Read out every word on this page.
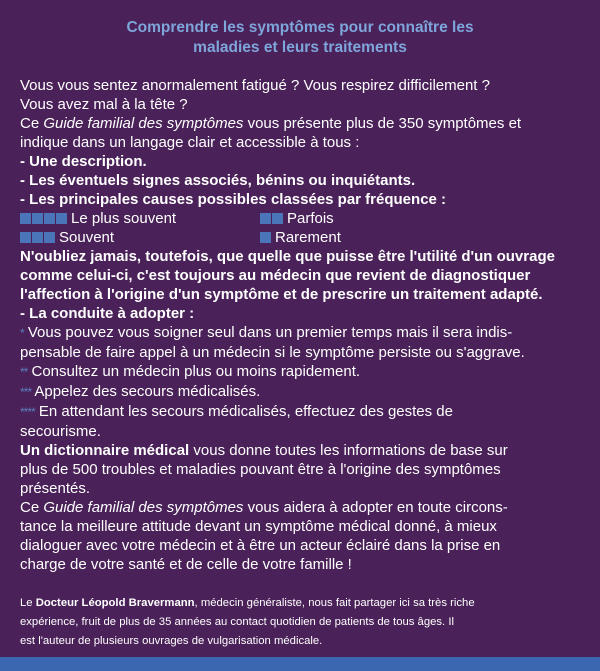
Comprendre les symptômes pour connaître les
maladies et leurs traitements

Vous vous sentez anormalement fatigué ? Vous respirez difficilement ?

Vous avez mal à la tête ?

Ce Guide familial des symptômes vous présente plus de 350 symptômes et

indique dans un langage clair et accessible à tous :

- Une description.

- Les éventuels signes associés, bénins ou inquiétants.

- Les principales causes possibles classées par fréquence :

Le plus souvent	Parfois
Souvent	Rarement

N'oubliez jamais, toutefois, que quelle que puisse être l'utilité d'un ouvrage

comme celui-ci, c'est toujours au médecin que revient de diagnostiquer

l'affection à l'origine d'un symptôme et de prescrire un traitement adapté.

- La conduite à adopter :

* Vous pouvez vous soigner seul dans un premier temps mais il sera indis-

pensable de faire appel à un médecin si le symptôme persiste ou s'aggrave.

** Consultez un médecin plus ou moins rapidement.

*** Appelez des secours médicalisés.

**** En attendant les secours médicalisés, effectuez des gestes de

secourisme.

Un dictionnaire médical vous donne toutes les informations de base sur

plus de 500 troubles et maladies pouvant être à l'origine des symptômes

présentés.

Ce Guide familial des symptômes vous aidera à adopter en toute circons-

tance la meilleure attitude devant un symptôme médical donné, à mieux

dialoguer avec votre médecin et à être un acteur éclairé dans la prise en

charge de votre santé et de celle de votre famille !

Le Docteur Léopold Bravermann, médecin généraliste, nous fait partager ici sa très riche
expérience, fruit de plus de 35 années au contact quotidien de patients de tous âges. Il
est l'auteur de plusieurs ouvrages de vulgarisation médicale.
